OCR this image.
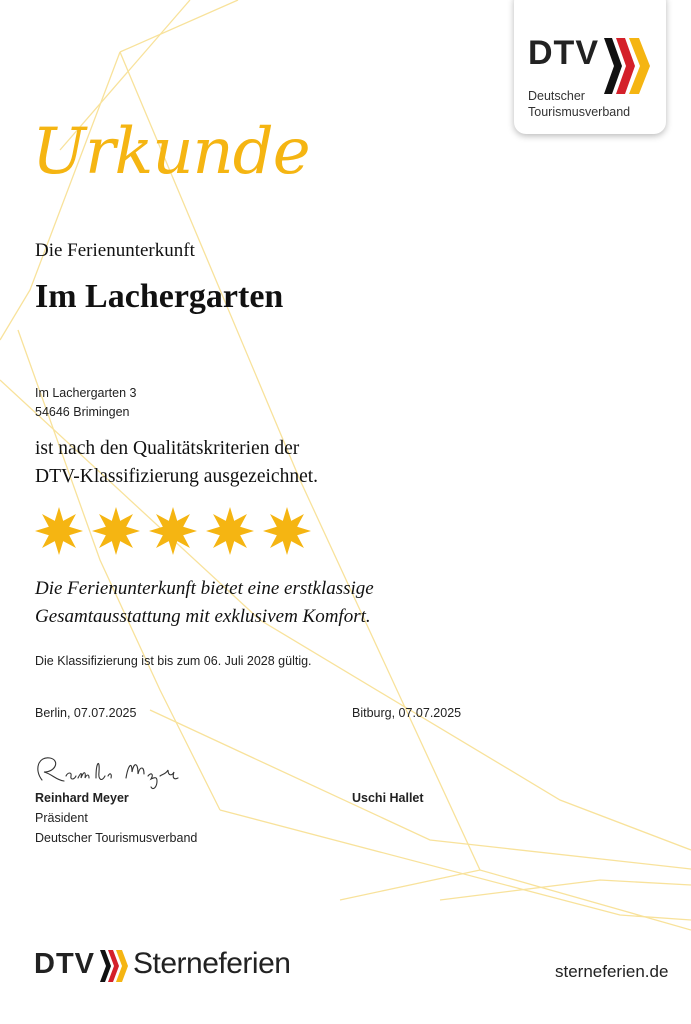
DTV
Deutscher
Tourismusverband
Urkunde
Die Ferienunterkunft
Im Lachergarten
Im Lachergarten 3
54646 Brimingen
ist nach den Qualitätskriterien der
DTV-Klassifizierung ausgezeichnet.
Die Ferienunterkunft bietet eine erstklassige
Gesamtausstattung mit exklusivem Komfort.
Die Klassifizierung ist bis zum 06. Juli 2028 gültig.
Berlin, 07.07.2025	Bitburg, 07.07.2025
Reinhard Meyer	Uschi Hallet
Präsident
Deutscher Tourismusverband
DTV Sterneferien	sterneferien.de
